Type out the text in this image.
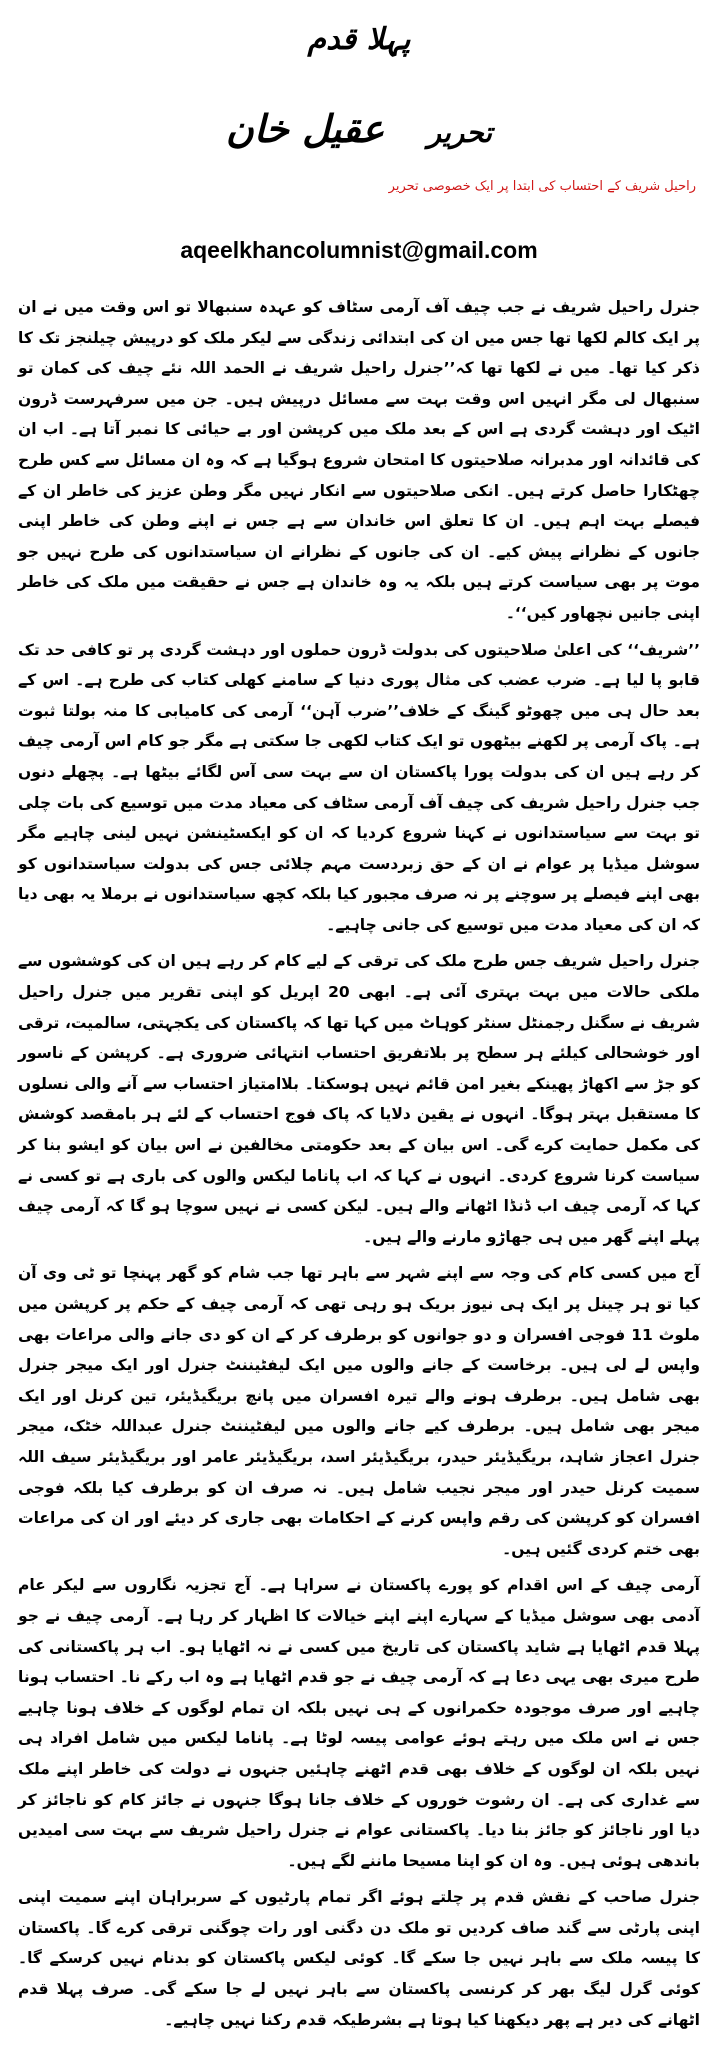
پہلا قدم
تحریر عقیل خان
راحیل شریف کے احتساب کی ابتدا پر ایک خصوصی تحریر
aqeelkhancolumnist@gmail.com

جنرل راحیل شریف نے جب چیف آف آرمی سٹاف کو عہدہ سنبھالا تو اس وقت میں نے ان پر ایک کالم لکھا تھا جس میں ان کی ابتدائی زندگی سے لیکر ملک کو درپیش چیلنجز تک کا ذکر کیا تھا۔ میں نے لکھا تھا کہ’’جنرل راحیل شریف نے الحمد اللہ نئے چیف کی کمان تو سنبھال لی مگر انہیں اس وقت بہت سے مسائل درپیش ہیں۔ جن میں سرفہرست ڈرون اٹیک اور دہشت گردی ہے اس کے بعد ملک میں کرپشن اور بے حیائی کا نمبر آتا ہے۔ اب ان کی قائدانہ اور مدبرانہ صلاحیتوں کا امتحان شروع ہوگیا ہے کہ وہ ان مسائل سے کس طرح چھٹکارا حاصل کرتے ہیں۔ انکی صلاحیتوں سے انکار نہیں مگر وطن عزیز کی خاطر ان کے فیصلے بہت اہم ہیں۔ ان کا تعلق اس خاندان سے ہے جس نے اپنے وطن کی خاطر اپنی جانوں کے نظرانے پیش کیے۔ ان کی جانوں کے نظرانے ان سیاستدانوں کی طرح نہیں جو موت پر بھی سیاست کرتے ہیں بلکہ یہ وہ خاندان ہے جس نے حقیقت میں ملک کی خاطر اپنی جانیں نچھاور کیں‘‘۔

’’شریف‘‘ کی اعلیٰ صلاحیتوں کی بدولت ڈرون حملوں اور دہشت گردی پر تو کافی حد تک قابو پا لیا ہے۔ ضرب عضب کی مثال پوری دنیا کے سامنے کھلی کتاب کی طرح ہے۔ اس کے بعد حال ہی میں چھوٹو گینگ کے خلاف’’ضرب آہن‘‘ آرمی کی کامیابی کا منہ بولتا ثبوت ہے۔ پاک آرمی پر لکھنے بیٹھوں تو ایک کتاب لکھی جا سکتی ہے مگر جو کام اس آرمی چیف کر رہے ہیں ان کی بدولت پورا پاکستان ان سے بہت سی آس لگائے بیٹھا ہے۔ پچھلے دنوں جب جنرل راحیل شریف کی چیف آف آرمی سٹاف کی معیاد مدت میں توسیع کی بات چلی تو بہت سے سیاستدانوں نے کہنا شروع کردیا کہ ان کو ایکسٹینشن نہیں لینی چاہیے مگر سوشل میڈیا پر عوام نے ان کے حق زبردست مہم چلائی جس کی بدولت سیاستدانوں کو بھی اپنے فیصلے پر سوچنے پر نہ صرف مجبور کیا بلکہ کچھ سیاستدانوں نے برملا یہ بھی دیا کہ ان کی معیاد مدت میں توسیع کی جانی چاہیے۔

جنرل راحیل شریف جس طرح ملک کی ترقی کے لیے کام کر رہے ہیں ان کی کوششوں سے ملکی حالات میں بہت بہتری آئی ہے۔ ابھی 20 اپریل کو اپنی تقریر میں جنرل راحیل شریف نے سگنل رجمنٹل سنٹر کوہاٹ میں کہا تھا کہ پاکستان کی یکجہتی، سالمیت، ترقی اور خوشحالی کیلئے ہر سطح پر بلاتفریق احتساب انتہائی ضروری ہے۔ کرپشن کے ناسور کو جڑ سے اکھاڑ پھینکے بغیر امن قائم نہیں ہوسکتا۔ بلاامتیاز احتساب سے آنے والی نسلوں کا مستقبل بہتر ہوگا۔ انہوں نے یقین دلایا کہ پاک فوج احتساب کے لئے ہر بامقصد کوشش کی مکمل حمایت کرے گی۔ اس بیان کے بعد حکومتی مخالفین نے اس بیان کو ایشو بنا کر سیاست کرنا شروع کردی۔ انہوں نے کہا کہ اب پاناما لیکس والوں کی باری ہے تو کسی نے کہا کہ آرمی چیف اب ڈنڈا اٹھانے والے ہیں۔ لیکن کسی نے نہیں سوچا ہو گا کہ آرمی چیف پہلے اپنے گھر میں ہی جھاڑو مارنے والے ہیں۔

آج میں کسی کام کی وجہ سے اپنے شہر سے باہر تھا جب شام کو گھر پہنچا تو ٹی وی آن کیا تو ہر چینل پر ایک ہی نیوز بریک ہو رہی تھی کہ آرمی چیف کے حکم پر کرپشن میں ملوث 11 فوجی افسران و دو جوانوں کو برطرف کر کے ان کو دی جانے والی مراعات بھی واپس لے لی ہیں۔ برخاست کے جانے والوں میں ایک لیفٹیننٹ جنرل اور ایک میجر جنرل بھی شامل ہیں۔ برطرف ہونے والے تیرہ افسران میں پانچ بریگیڈیئر، تین کرنل اور ایک میجر بھی شامل ہیں۔ برطرف کیے جانے والوں میں لیفٹیننٹ جنرل عبداللہ خٹک، میجر جنرل اعجاز شاہد، بریگیڈیئر حیدر، بریگیڈیئر اسد، بریگیڈیئر عامر اور بریگیڈیئر سیف اللہ سمیت کرنل حیدر اور میجر نجیب شامل ہیں۔ نہ صرف ان کو برطرف کیا بلکہ فوجی افسران کو کرپشن کی رقم واپس کرنے کے احکامات بھی جاری کر دیئے اور ان کی مراعات بھی ختم کردی گئیں ہیں۔

آرمی چیف کے اس اقدام کو پورے پاکستان نے سراہا ہے۔ آج تجزیہ نگاروں سے لیکر عام آدمی بھی سوشل میڈیا کے سہارے اپنے اپنے خیالات کا اظہار کر رہا ہے۔ آرمی چیف نے جو پہلا قدم اٹھایا ہے شاید پاکستان کی تاریخ میں کسی نے نہ اٹھایا ہو۔ اب ہر پاکستانی کی طرح میری بھی یہی دعا ہے کہ آرمی چیف نے جو قدم اٹھایا ہے وہ اب رکے نا۔ احتساب ہونا چاہیے اور صرف موجودہ حکمرانوں کے ہی نہیں بلکہ ان تمام لوگوں کے خلاف ہونا چاہیے جس نے اس ملک میں رہتے ہوئے عوامی پیسہ لوٹا ہے۔ پاناما لیکس میں شامل افراد ہی نہیں بلکہ ان لوگوں کے خلاف بھی قدم اٹھنے چاہئیں جنہوں نے دولت کی خاطر اپنے ملک سے غداری کی ہے۔ ان رشوت خوروں کے خلاف جانا ہوگا جنہوں نے جائز کام کو ناجائز کر دیا اور ناجائز کو جائز بنا دیا۔ پاکستانی عوام نے جنرل راحیل شریف سے بہت سی امیدیں باندھی ہوئی ہیں۔ وہ ان کو اپنا مسیحا ماننے لگے ہیں۔

جنرل صاحب کے نقش قدم پر چلتے ہوئے اگر تمام پارٹیوں کے سربراہان اپنے سمیت اپنی اپنی پارٹی سے گند صاف کردیں تو ملک دن دگنی اور رات چوگنی ترقی کرے گا۔ پاکستان کا پیسہ ملک سے باہر نہیں جا سکے گا۔ کوئی لیکس پاکستان کو بدنام نہیں کرسکے گا۔ کوئی گرل لیگ بھر کر کرنسی پاکستان سے باہر نہیں لے جا سکے گی۔ صرف پہلا قدم اٹھانے کی دیر ہے پھر دیکھنا کیا ہوتا ہے بشرطیکہ قدم رکنا نہیں چاہیے۔
